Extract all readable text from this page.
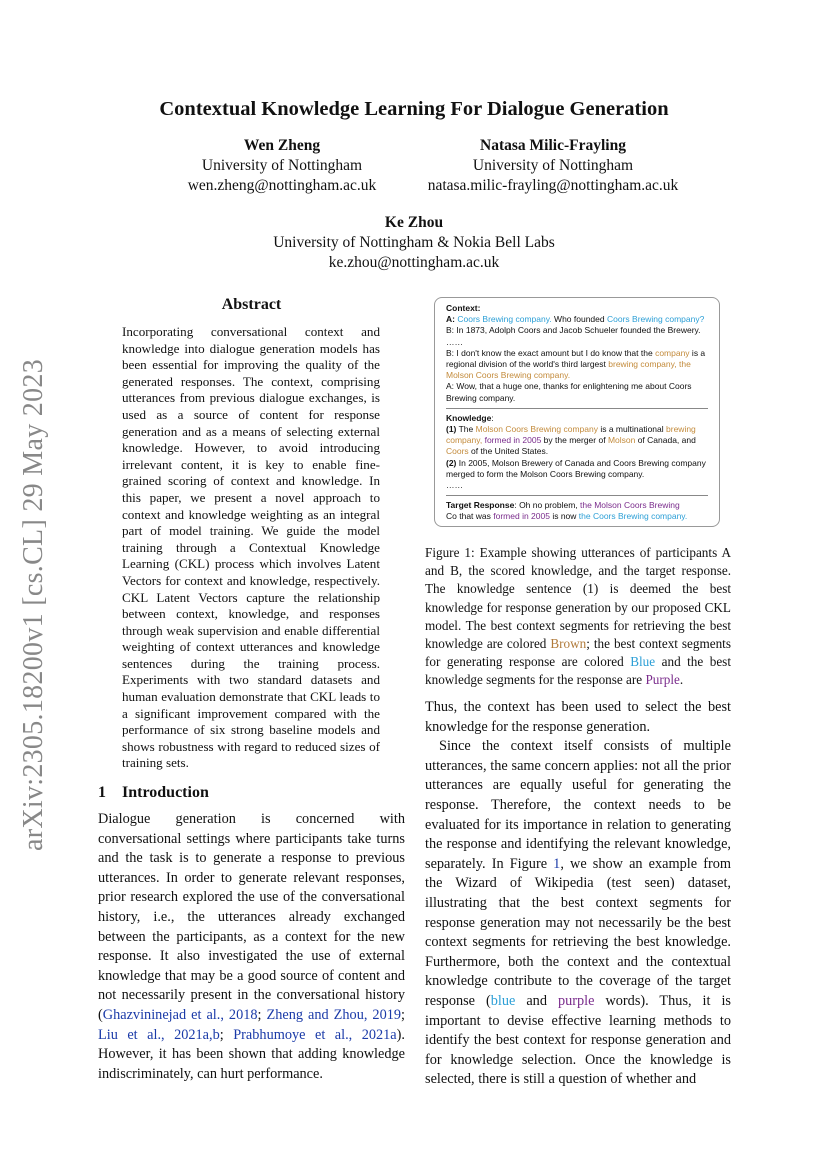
arXiv:2305.18200v1 [cs.CL] 29 May 2023
Contextual Knowledge Learning For Dialogue Generation
Wen Zheng
University of Nottingham
wen.zheng@nottingham.ac.uk
Natasa Milic-Frayling
University of Nottingham
natasa.milic-frayling@nottingham.ac.uk
Ke Zhou
University of Nottingham & Nokia Bell Labs
ke.zhou@nottingham.ac.uk
Abstract
Incorporating conversational context and knowledge into dialogue generation models has been essential for improving the quality of the generated responses. The context, comprising utterances from previous dialogue exchanges, is used as a source of content for response generation and as a means of selecting external knowledge. However, to avoid introducing irrelevant content, it is key to enable fine-grained scoring of context and knowledge. In this paper, we present a novel approach to context and knowledge weighting as an integral part of model training. We guide the model training through a Contextual Knowledge Learning (CKL) process which involves Latent Vectors for context and knowledge, respectively. CKL Latent Vectors capture the relationship between context, knowledge, and responses through weak supervision and enable differential weighting of context utterances and knowledge sentences during the training process. Experiments with two standard datasets and human evaluation demonstrate that CKL leads to a significant improvement compared with the performance of six strong baseline models and shows robustness with regard to reduced sizes of training sets.
1 Introduction
Dialogue generation is concerned with conversational settings where participants take turns and the task is to generate a response to previous utterances. In order to generate relevant responses, prior research explored the use of the conversational history, i.e., the utterances already exchanged between the participants, as a context for the new response. It also investigated the use of external knowledge that may be a good source of content and not necessarily present in the conversational history (Ghazvininejad et al., 2018; Zheng and Zhou, 2019; Liu et al., 2021a,b; Prabhumoye et al., 2021a). However, it has been shown that adding knowledge indiscriminately, can hurt performance.
Context:
A: Coors Brewing company. Who founded Coors Brewing company?
B: In 1873, Adolph Coors and Jacob Schueler founded the Brewery.
……
B: I don't know the exact amount but I do know that the company is a regional division of the world's third largest brewing company, the Molson Coors Brewing company.
A: Wow, that a huge one, thanks for enlightening me about Coors Brewing company.
Knowledge:
(1) The Molson Coors Brewing company is a multinational brewing company, formed in 2005 by the merger of Molson of Canada, and Coors of the United States.
(2) In 2005, Molson Brewery of Canada and Coors Brewing company merged to form the Molson Coors Brewing company.
……
Target Response: Oh no problem, the Molson Coors Brewing
Co that was formed in 2005 is now the Coors Brewing company.
Figure 1: Example showing utterances of participants A and B, the scored knowledge, and the target response. The knowledge sentence (1) is deemed the best knowledge for response generation by our proposed CKL model. The best context segments for retrieving the best knowledge are colored Brown; the best context segments for generating response are colored Blue and the best knowledge segments for the response are Purple.

Thus, the context has been used to select the best knowledge for the response generation.

Since the context itself consists of multiple utterances, the same concern applies: not all the prior utterances are equally useful for generating the response. Therefore, the context needs to be evaluated for its importance in relation to generating the response and identifying the relevant knowledge, separately. In Figure 1, we show an example from the Wizard of Wikipedia (test seen) dataset, illustrating that the best context segments for response generation may not necessarily be the best context segments for retrieving the best knowledge. Furthermore, both the context and the contextual knowledge contribute to the coverage of the target response (blue and purple words). Thus, it is important to devise effective learning methods to identify the best context for response generation and for knowledge selection. Once the knowledge is selected, there is still a question of whether and
